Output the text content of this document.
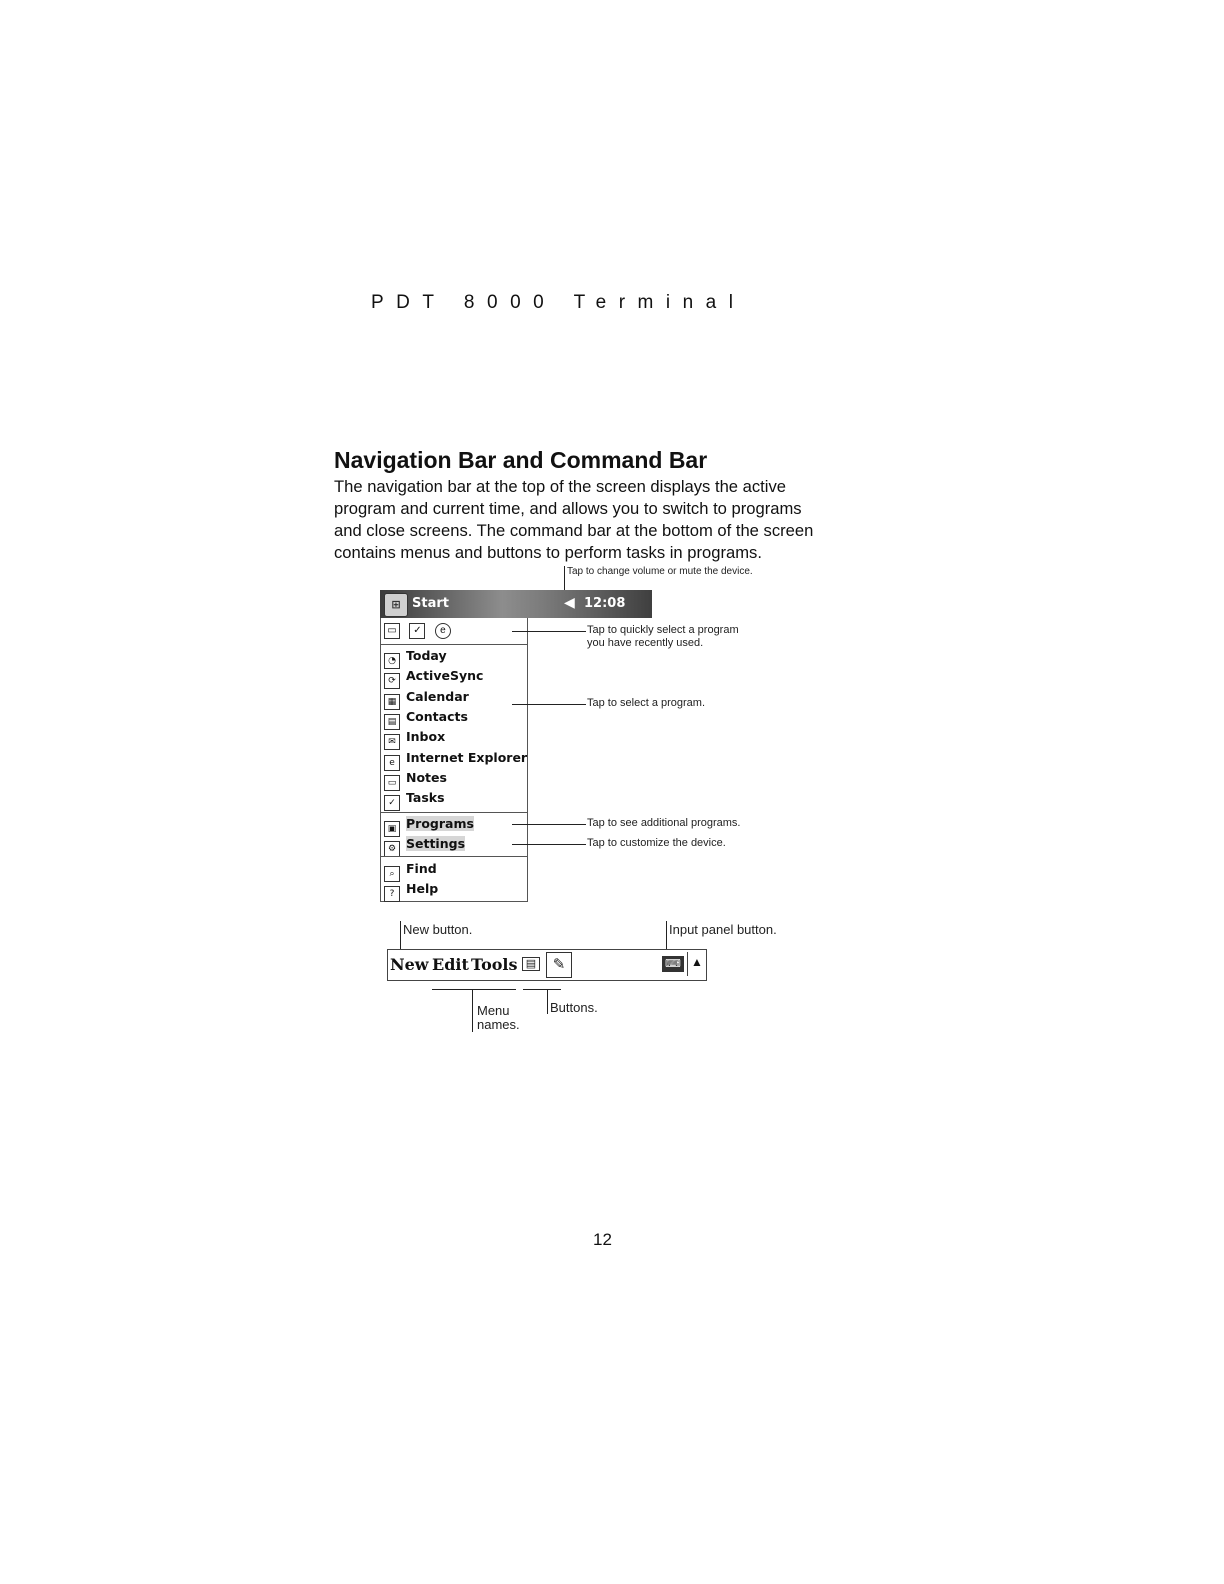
PDT 8000 Terminal
Navigation Bar and Command Bar

The navigation bar at the top of the screen displays the active

program and current time, and allows you to switch to programs

and close screens. The command bar at the bottom of the screen

contains menus and buttons to perform tasks in programs.

Tap to change volume or mute the device.
⊞ Start	◀ 12:08
▭ ✓ e
◔ Today
⟳ ActiveSync
▦ Calendar
▤ Contacts
✉ Inbox
e Internet Explorer
▭ Notes
✓ Tasks
▣ Programs
⚙ Settings
⌕ Find
? Help
Tap to quickly select a program
you have recently used.
Tap to select a program.
Tap to see additional programs.
Tap to customize the device.
New button.	Input panel button.
New Edit Tools ▤	✎	⌨ ▲
Menu
names.
Buttons.
12
